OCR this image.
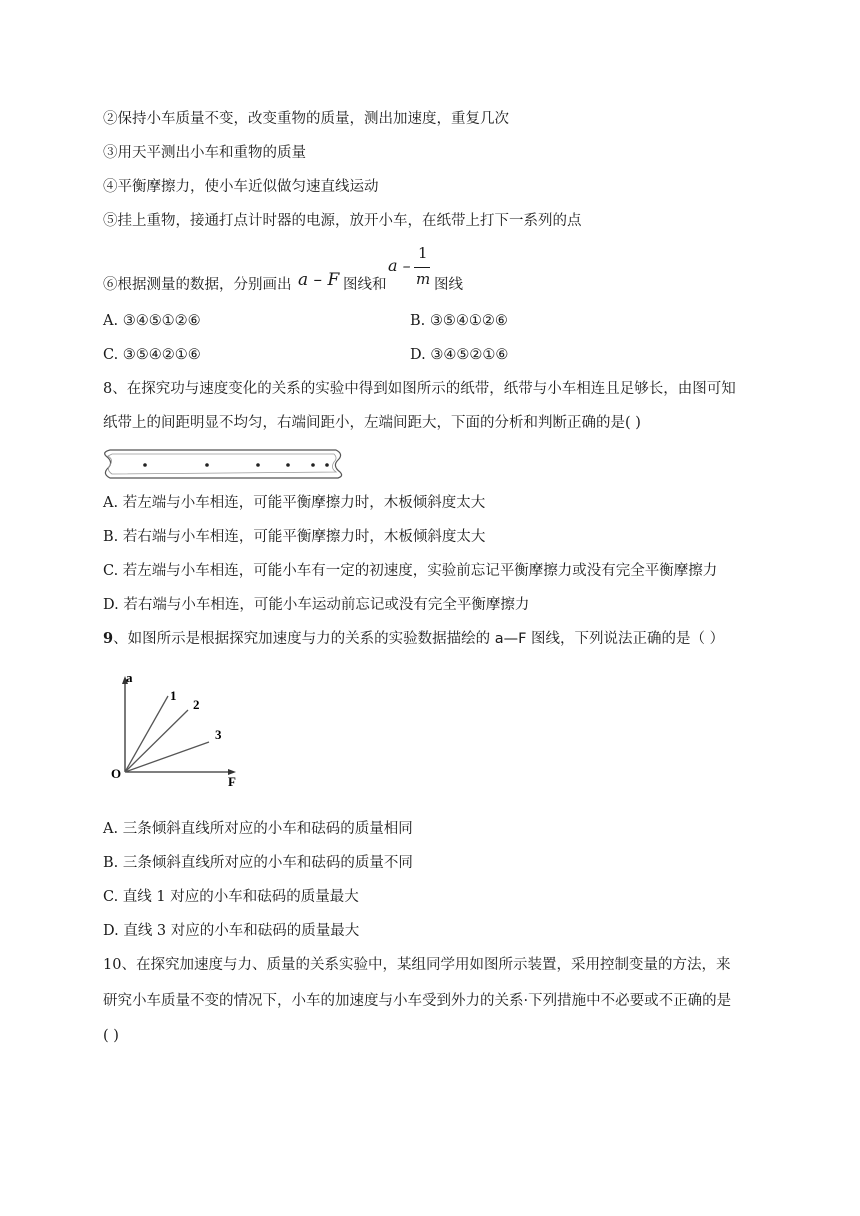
②保持小车质量不变，改变重物的质量，测出加速度，重复几次
③用天平测出小车和重物的质量
④平衡摩擦力，使小车近似做匀速直线运动
⑤挂上重物，接通打点计时器的电源，放开小车，在纸带上打下一系列的点
⑥根据测量的数据，分别画出 a – F 图线和
a –
1
m 图线
A. ③④⑤①②⑥	B. ③⑤④①②⑥
C. ③⑤④②①⑥	D. ③④⑤②①⑥
8、在探究功与速度变化的关系的实验中得到如图所示的纸带，纸带与小车相连且足够长，由图可知
纸带上的间距明显不均匀，右端间距小，左端间距大，下面的分析和判断正确的是( )
A. 若左端与小车相连，可能平衡摩擦力时，木板倾斜度太大
B. 若右端与小车相连，可能平衡摩擦力时，木板倾斜度太大
C. 若左端与小车相连，可能小车有一定的初速度，实验前忘记平衡摩擦力或没有完全平衡摩擦力
D. 若右端与小车相连，可能小车运动前忘记或没有完全平衡摩擦力
9、如图所示是根据探究加速度与力的关系的实验数据描绘的 a—F 图线，下列说法正确的是（ ）
a
F
O
1
2
3
A. 三条倾斜直线所对应的小车和砝码的质量相同
B. 三条倾斜直线所对应的小车和砝码的质量不同
C. 直线 1 对应的小车和砝码的质量最大
D. 直线 3 对应的小车和砝码的质量最大
10、在探究加速度与力、质量的关系实验中，某组同学用如图所示装置，采用控制变量的方法，来
研究小车质量不变的情况下，小车的加速度与小车受到外力的关系·下列措施中不必要或不正确的是
( )
